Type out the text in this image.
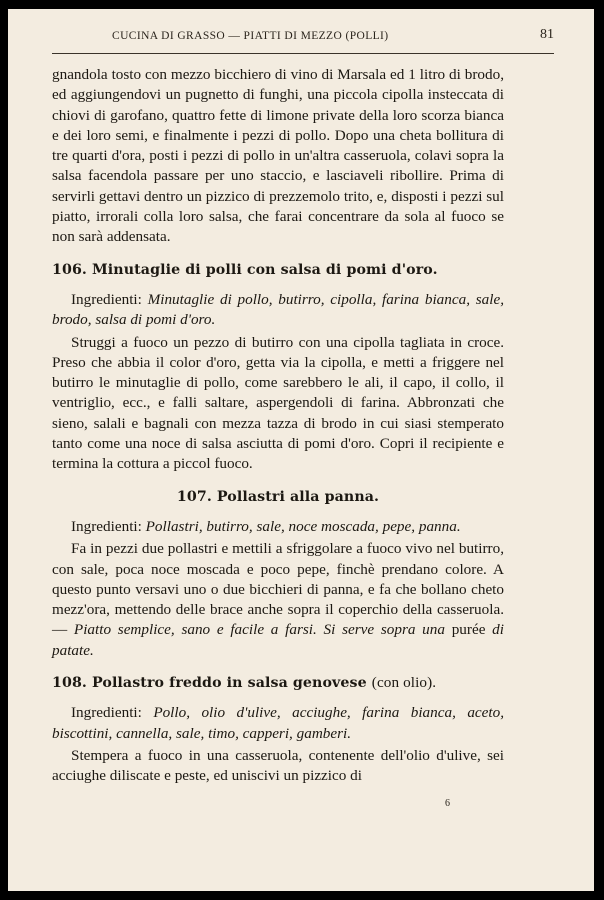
CUCINA DI GRASSO — PIATTI DI MEZZO (POLLI)	81

gnandola tosto con mezzo bicchiero di vino di Marsala ed 1 litro di brodo, ed aggiungendovi un pugnetto di funghi, una piccola cipolla insteccata di chiovi di garofano, quattro fette di limone private della loro scorza bianca e dei loro semi, e finalmente i pezzi di pollo. Dopo una cheta bollitura di tre quarti d'ora, posti i pezzi di pollo in un'altra casseruola, colavi sopra la salsa facendola passare per uno staccio, e lasciaveli ribollire. Prima di servirli gettavi dentro un pizzico di prezzemolo trito, e, disposti i pezzi sul piatto, irrorali colla loro salsa, che farai concentrare da sola al fuoco se non sarà addensata.

106. Minutaglie di polli con salsa di pomi d'oro.

Ingredienti: Minutaglie di pollo, butirro, cipolla, farina bianca, sale, brodo, salsa di pomi d'oro.

Struggi a fuoco un pezzo di butirro con una cipolla tagliata in croce. Preso che abbia il color d'oro, getta via la cipolla, e metti a friggere nel butirro le minutaglie di pollo, come sarebbero le ali, il capo, il collo, il ventriglio, ecc., e falli saltare, aspergendoli di farina. Abbronzati che sieno, salali e bagnali con mezza tazza di brodo in cui siasi stemperato tanto come una noce di salsa asciutta di pomi d'oro. Copri il recipiente e termina la cottura a piccol fuoco.

107. Pollastri alla panna.

Ingredienti: Pollastri, butirro, sale, noce moscada, pepe, panna.

Fa in pezzi due pollastri e mettili a sfriggolare a fuoco vivo nel butirro, con sale, poca noce moscada e poco pepe, finchè prendano colore. A questo punto versavi uno o due bicchieri di panna, e fa che bollano cheto mezz'ora, mettendo delle brace anche sopra il coperchio della casseruola. — Piatto semplice, sano e facile a farsi. Si serve sopra una purée di patate.

108. Pollastro freddo in salsa genovese (con olio).

Ingredienti: Pollo, olio d'ulive, acciughe, farina bianca, aceto, biscottini, cannella, sale, timo, capperi, gamberi.

Stempera a fuoco in una casseruola, contenente dell'olio d'ulive, sei acciughe diliscate e peste, ed uniscivi un pizzico di

6
